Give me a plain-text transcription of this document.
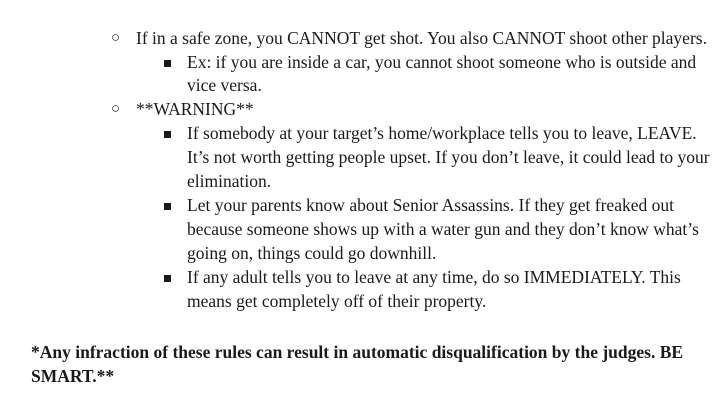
○ If in a safe zone, you CANNOT get shot. You also CANNOT shoot other players.
Ex: if you are inside a car, you cannot shoot someone who is outside and
vice versa.
○ **WARNING**
If somebody at your target’s home/workplace tells you to leave, LEAVE.
It’s not worth getting people upset. If you don’t leave, it could lead to your
elimination.
Let your parents know about Senior Assassins. If they get freaked out
because someone shows up with a water gun and they don’t know what’s
going on, things could go downhill.
If any adult tells you to leave at any time, do so IMMEDIATELY. This
means get completely off of their property.
*Any infraction of these rules can result in automatic disqualification by the judges. BE
SMART.**
